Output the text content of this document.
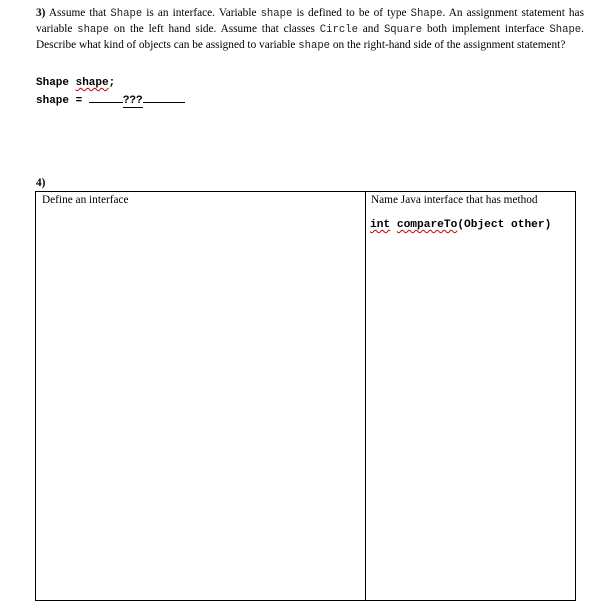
3) Assume that Shape is an interface. Variable shape is defined to be of type Shape. An assignment statement has variable shape on the left hand side. Assume that classes Circle and Square both implement interface Shape. Describe what kind of objects can be assigned to variable shape on the right-hand side of the assignment statement?

Shape shape;
shape =	???
4)
Define an interface	Name Java interface that has method
int compareTo(Object other)
